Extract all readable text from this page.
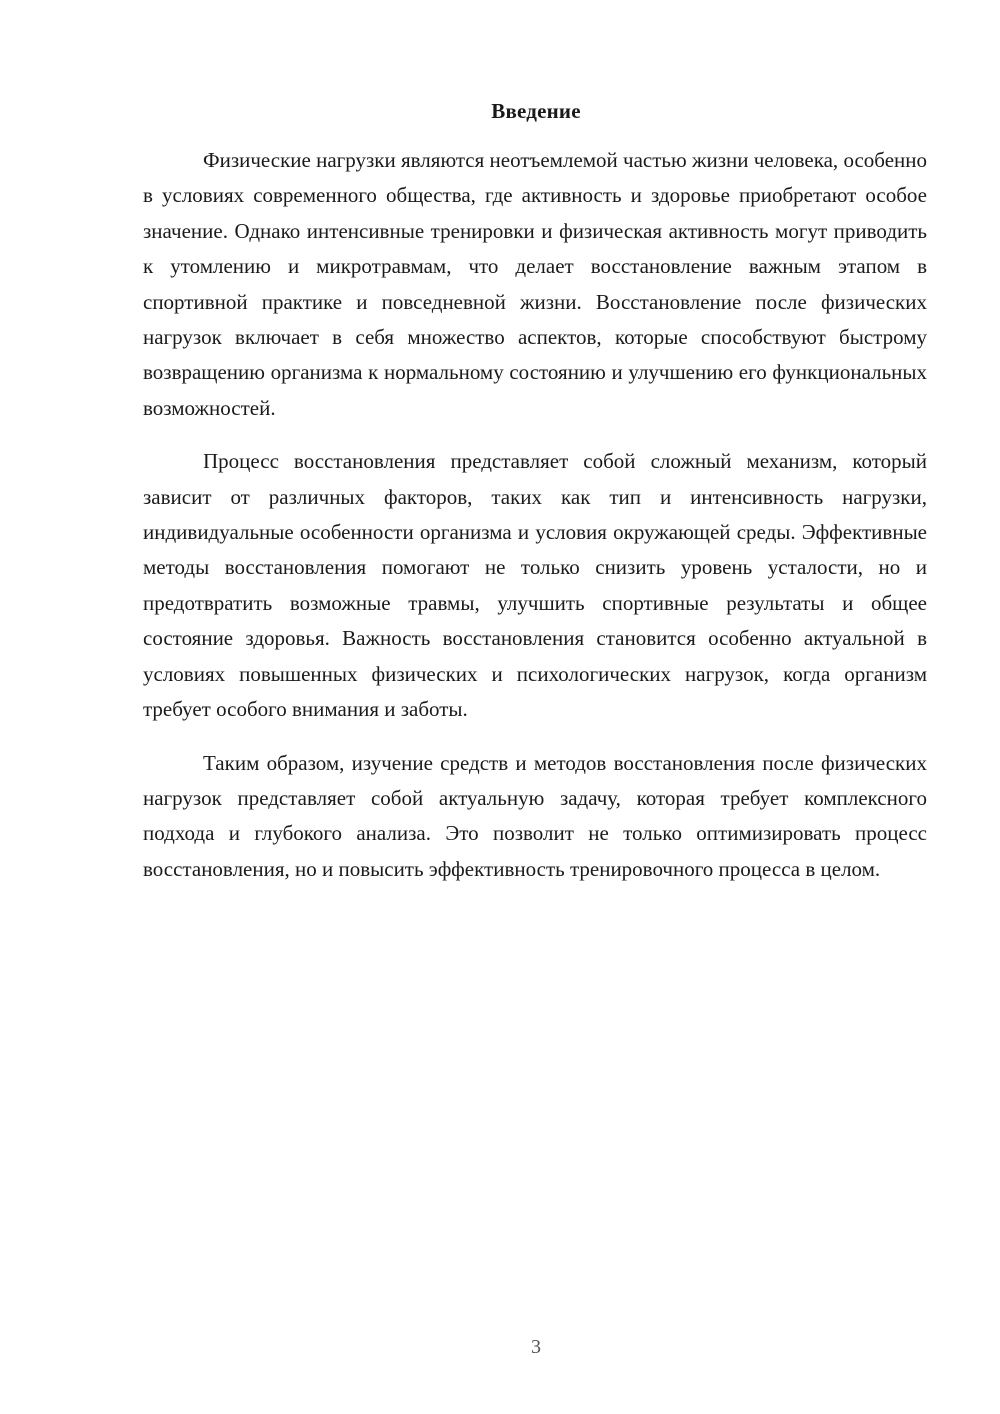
Введение

Физические нагрузки являются неотъемлемой частью жизни человека, особенно в условиях современного общества, где активность и здоровье приобретают особое значение. Однако интенсивные тренировки и физическая активность могут приводить к утомлению и микротравмам, что делает восстановление важным этапом в спортивной практике и повседневной жизни. Восстановление после физических нагрузок включает в себя множество аспектов, которые способствуют быстрому возвращению организма к нормальному состоянию и улучшению его функциональных возможностей.

Процесс восстановления представляет собой сложный механизм, который зависит от различных факторов, таких как тип и интенсивность нагрузки, индивидуальные особенности организма и условия окружающей среды. Эффективные методы восстановления помогают не только снизить уровень усталости, но и предотвратить возможные травмы, улучшить спортивные результаты и общее состояние здоровья. Важность восстановления становится особенно актуальной в условиях повышенных физических и психологических нагрузок, когда организм требует особого внимания и заботы.

Таким образом, изучение средств и методов восстановления после физических нагрузок представляет собой актуальную задачу, которая требует комплексного подхода и глубокого анализа. Это позволит не только оптимизировать процесс восстановления, но и повысить эффективность тренировочного процесса в целом.

3
